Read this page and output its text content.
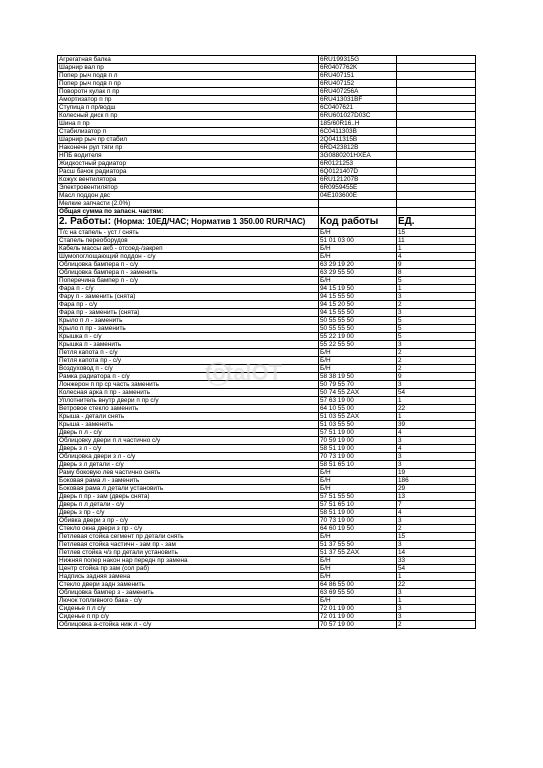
Агрегатная балка	6RU199315G	
Шарнир вал пр	6R0407762K	
Попер рыч подв п л	6RU407151	
Попер рыч подв п пр	6RU407152	
Поворотн кулак п пр	6RU407256A	
Амортизатор п пр	6RU413031BF	
Ступица п пр/водш	6C0407621	
Колесный диск п пр	6RU601027D03C	
Шина п пр	185/60R16..H	
Стабилизатор п	6C0411303B	
Шарнир рыч пр стабил	2Q0411315B	
Наконечн рул тяги пр	6RD423812B	
НПБ водителя	3G0880201HXEA	
Жидкостный радиатор	6R0121253	
Расш бачок радиатора	6Q0121407D	
Кожух вентилятора	6RU121207B	
Электровентилятор	6R0959455E	
Масл поддон двс	04E103600E	
Мелкие запчасти (2.0%)		
Общая сумма по запасн. частям:		
2. Работы: (Норма: 10ЕД/ЧАС; Норматив 1 350.00 RUR/ЧАС)	Код работы	ЕД.
Т/с на стапель - уст / снять	Б/Н	15
Стапель переоборудов	51 01 03 00	11
Кабель массы акб - отсоед-/закреп	Б/Н	1
Шумопоглощающий поддон - с/у	Б/Н	4
Облицовка бампера п - с/у	63 29 19 20	9
Облицовка бампера п - заменить	63 29 55 50	8
Поперечина бампер п - с/у	Б/Н	5
Фара п - с/у	94 15 19 50	1
Фару п - заменить (снята)	94 15 55 50	3
Фара пр - с/у	94 15 20 50	2
Фара пр - заменить (снята)	94 15 55 50	3
Крыло п л - заменить	50 55 55 50	5
Крыло п пр - заменить	50 55 55 50	5
Крышка п - с/у	55 22 19 00	5
Крышка п - заменить	55 22 55 50	3
Петля капота п - с/у	Б/Н	2
Петля капота пр - с/у	Б/Н	2
Воздуховод п - с/у	Б/Н	2
Рамка радиатора п - с/у	58 38 19 50	9
Лонжерон п пр ср часть заменить	50 79 55 70	3
Колесная арка п пр - заменить	50 74 55 ZAX	54
Уплотнитель внутр двери п пр с/у	57 63 19 00	1
Ветровое стекло заменить	64 10 55 00	22
Крыша - детали снять	51 03 55 ZAX	1
Крыша - заменить	51 03 55 50	39
Дверь п л - с/у	57 51 19 00	4
Облицовку двери п л частично с/у	70 59 19 00	3
Дверь з л - с/у	58 51 19 00	4
Облицовка двери з л - с/у	70 73 19 00	3
Дверь з л детали - с/у	58 51 65 10	3
Раму боковую лев частично снять	Б/Н	19
Боковая рама л - заменить	Б/Н	186
Боковая рама л детали установить	Б/Н	29
Дверь п пр - зам (дверь снята)	57 51 55 50	13
Дверь п л детали - с/у	57 51 65 10	7
Дверь з пр - с/у	58 51 19 00	4
Обивка двери з пр - с/у	70 73 19 00	3
Стекло окна двери з пр - с/у	64 60 19 50	2
Петлевая стойка сегмент пр детали снять	Б/Н	15
Петлевая стойка частичн - зам пр - зам	51 37 55 50	3
Петлев стойка ч/з пр детали установить	51 37 55 ZAX	14
Нижняя попер након нар передн пр замена	Б/Н	33
Центр стойка пр зам (сол раб)	Б/Н	54
Надпись задняя замена	Б/Н	1
Стекло двери задн заменить	64 86 55 00	22
Облицовка бампер з - заменить	63 69 55 50	3
Лючок топливного бака - с/у	Б/Н	1
Сиденье п л с/у	72 01 19 00	3
Сиденье п пр с/у	72 01 19 00	3
Облицовка а-стойка ниж л - с/у	70 57 19 00	2
totalOT
